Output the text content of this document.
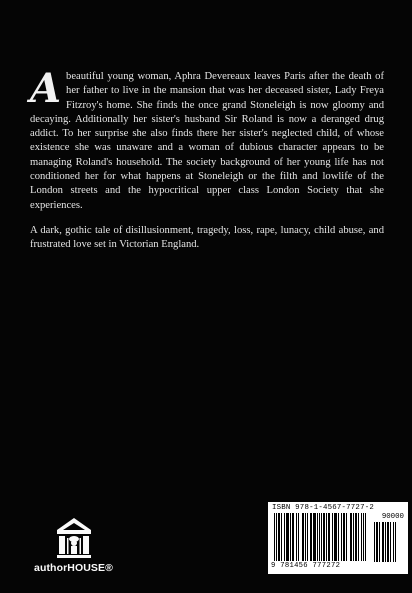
Abeautiful young woman, Aphra Devereaux leaves Paris after the death of her father to live in the mansion that was her deceased sister, Lady Freya Fitzroy's home. She finds the once grand Stoneleigh is now gloomy and decaying. Additionally her sister's husband Sir Roland is now a deranged drug addict. To her surprise she also finds there her sister's neglected child, of whose existence she was unaware and a woman of dubious character appears to be managing Roland's household. The society background of her young life has not conditioned her for what happens at Stoneleigh or the filth and lowlife of the London streets and the hypocritical upper class London Society that she experiences.

A dark, gothic tale of disillusionment, tragedy, loss, rape, lunacy, child abuse, and frustrated love set in Victorian England.

authorHOUSE®
ISBN 978-1-4567-7727-2
90000
9 781456 777272
